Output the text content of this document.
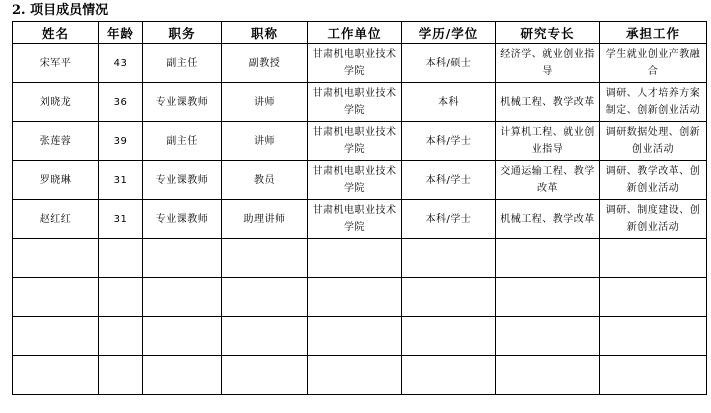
2. 项目成员情况
姓名	年龄	职务	职称	工作单位	学历/学位	研究专长	承担工作
宋军平	43	副主任	副教授	甘肃机电职业技术学院	本科/硕士	经济学、就业创业指导	学生就业创业产教融合
刘晓龙	36	专业课教师	讲师	甘肃机电职业技术学院	本科	机械工程、教学改革	调研、人才培养方案制定、创新创业活动
张莲蓉	39	副主任	讲师	甘肃机电职业技术学院	本科/学士	计算机工程、就业创业指导	调研数据处理、创新创业活动
罗晓琳	31	专业课教师	教员	甘肃机电职业技术学院	本科/学士	交通运输工程、教学改革	调研、教学改革、创新创业活动
赵红红	31	专业课教师	助理讲师	甘肃机电职业技术学院	本科/学士	机械工程、教学改革	调研、制度建设、创新创业活动
